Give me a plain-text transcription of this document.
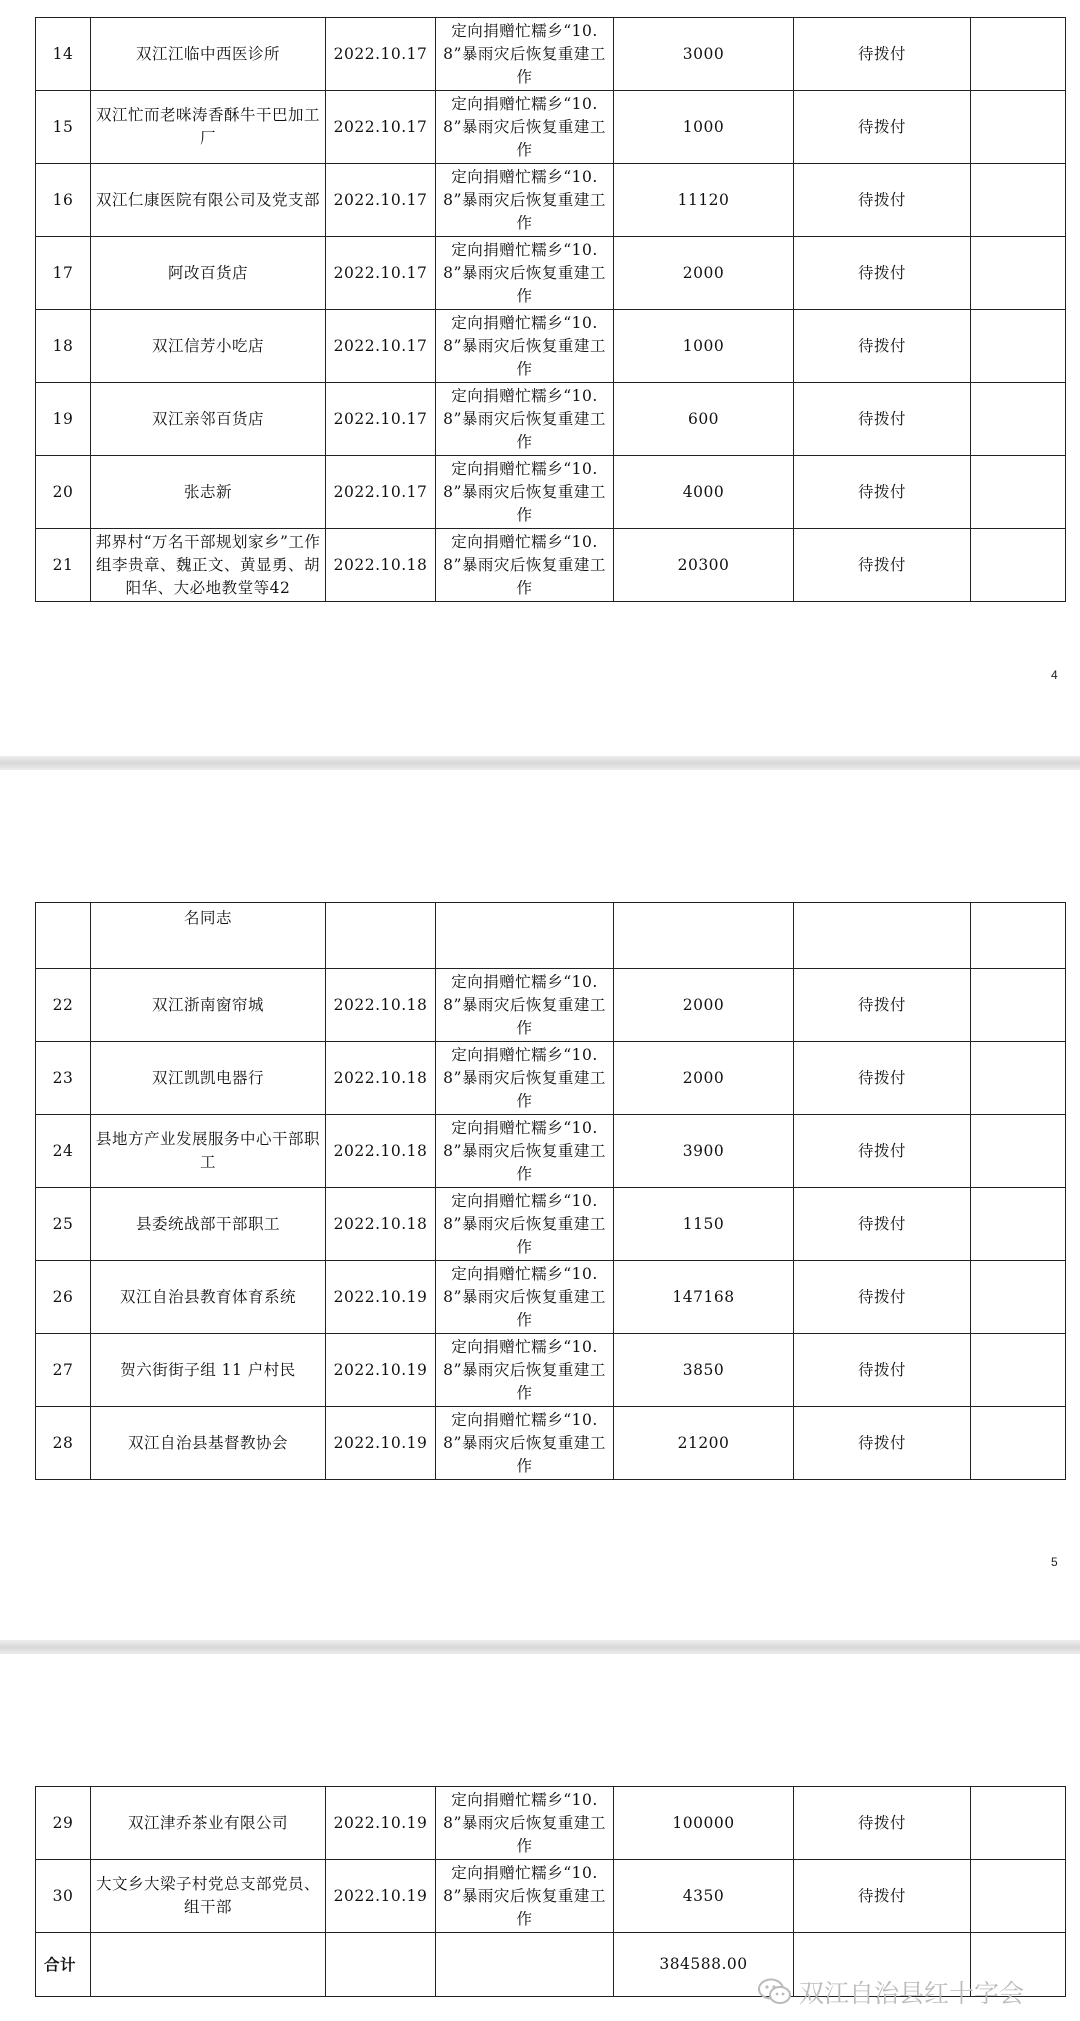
14	双江江临中西医诊所	2022.10.17	定向捐赠忙糯乡“10.8”暴雨灾后恢复重建工作	3000	待拨付	
15	双江忙而老咪涛香酥牛干巴加工厂	2022.10.17	定向捐赠忙糯乡“10.8”暴雨灾后恢复重建工作	1000	待拨付	
16	双江仁康医院有限公司及党支部	2022.10.17	定向捐赠忙糯乡“10.8”暴雨灾后恢复重建工作	11120	待拨付	
17	阿改百货店	2022.10.17	定向捐赠忙糯乡“10.8”暴雨灾后恢复重建工作	2000	待拨付	
18	双江信芳小吃店	2022.10.17	定向捐赠忙糯乡“10.8”暴雨灾后恢复重建工作	1000	待拨付	
19	双江亲邻百货店	2022.10.17	定向捐赠忙糯乡“10.8”暴雨灾后恢复重建工作	600	待拨付	
20	张志新	2022.10.17	定向捐赠忙糯乡“10.8”暴雨灾后恢复重建工作	4000	待拨付	
21	邦界村“万名干部规划家乡”工作组李贵章、魏正文、黄显勇、胡阳华、大必地教堂等42	2022.10.18	定向捐赠忙糯乡“10.8”暴雨灾后恢复重建工作	20300	待拨付	
4
	名同志					
22	双江浙南窗帘城	2022.10.18	定向捐赠忙糯乡“10.8”暴雨灾后恢复重建工作	2000	待拨付	
23	双江凯凯电器行	2022.10.18	定向捐赠忙糯乡“10.8”暴雨灾后恢复重建工作	2000	待拨付	
24	县地方产业发展服务中心干部职工	2022.10.18	定向捐赠忙糯乡“10.8”暴雨灾后恢复重建工作	3900	待拨付	
25	县委统战部干部职工	2022.10.18	定向捐赠忙糯乡“10.8”暴雨灾后恢复重建工作	1150	待拨付	
26	双江自治县教育体育系统	2022.10.19	定向捐赠忙糯乡“10.8”暴雨灾后恢复重建工作	147168	待拨付	
27	贺六街街子组 11 户村民	2022.10.19	定向捐赠忙糯乡“10.8”暴雨灾后恢复重建工作	3850	待拨付	
28	双江自治县基督教协会	2022.10.19	定向捐赠忙糯乡“10.8”暴雨灾后恢复重建工作	21200	待拨付	
5
29	双江津乔茶业有限公司	2022.10.19	定向捐赠忙糯乡“10.8”暴雨灾后恢复重建工作	100000	待拨付	
30	大文乡大梁子村党总支部党员、组干部	2022.10.19	定向捐赠忙糯乡“10.8”暴雨灾后恢复重建工作	4350	待拨付	
合计				384588.00		
双江自治县红十字会
